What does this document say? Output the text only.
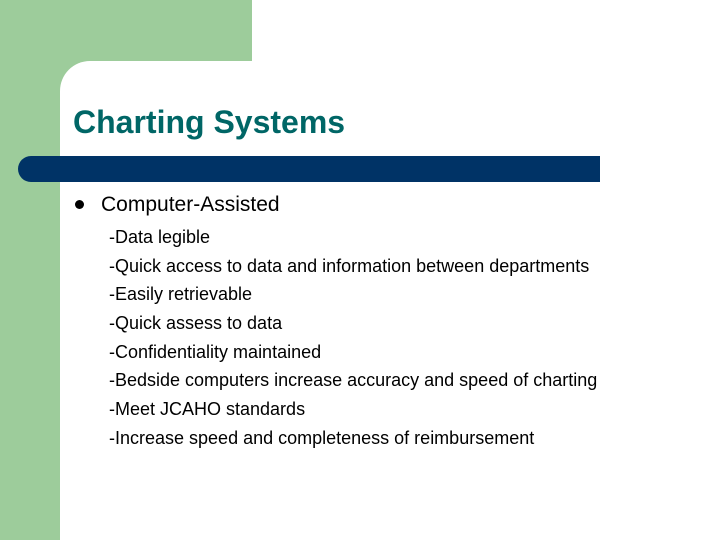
Charting Systems
Computer-Assisted
-Data legible
-Quick access to data and information between departments
-Easily retrievable
-Quick assess to data
-Confidentiality maintained
-Bedside computers increase accuracy and speed of charting
-Meet JCAHO standards
-Increase speed and completeness of reimbursement
